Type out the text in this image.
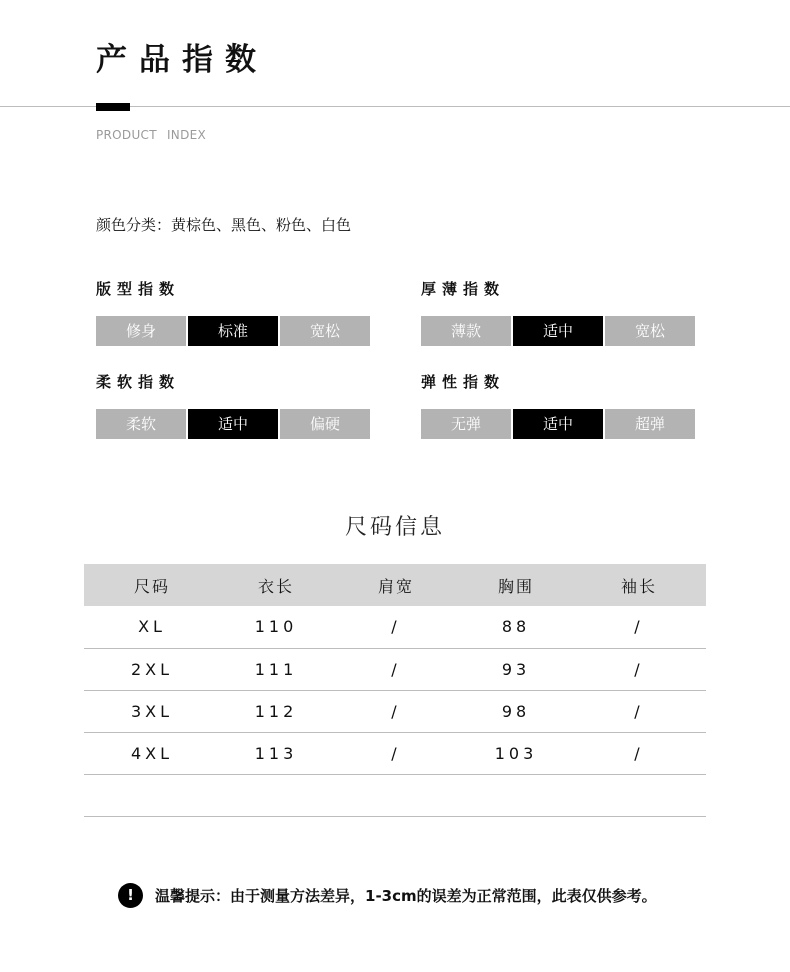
产品指数
PRODUCT INDEX
颜色分类：黄棕色、黑色、粉色、白色
版型指数
修身	标准	宽松
厚薄指数
薄款	适中	宽松
柔软指数
柔软	适中	偏硬
弹性指数
无弹	适中	超弹
尺码信息
尺码	衣长	肩宽	胸围	袖长
XL	110	/	88	/
2XL	111	/	93	/
3XL	112	/	98	/
4XL	113	/	103	/

!	温馨提示：由于测量方法差异，1-3cm的误差为正常范围，此表仅供参考。
